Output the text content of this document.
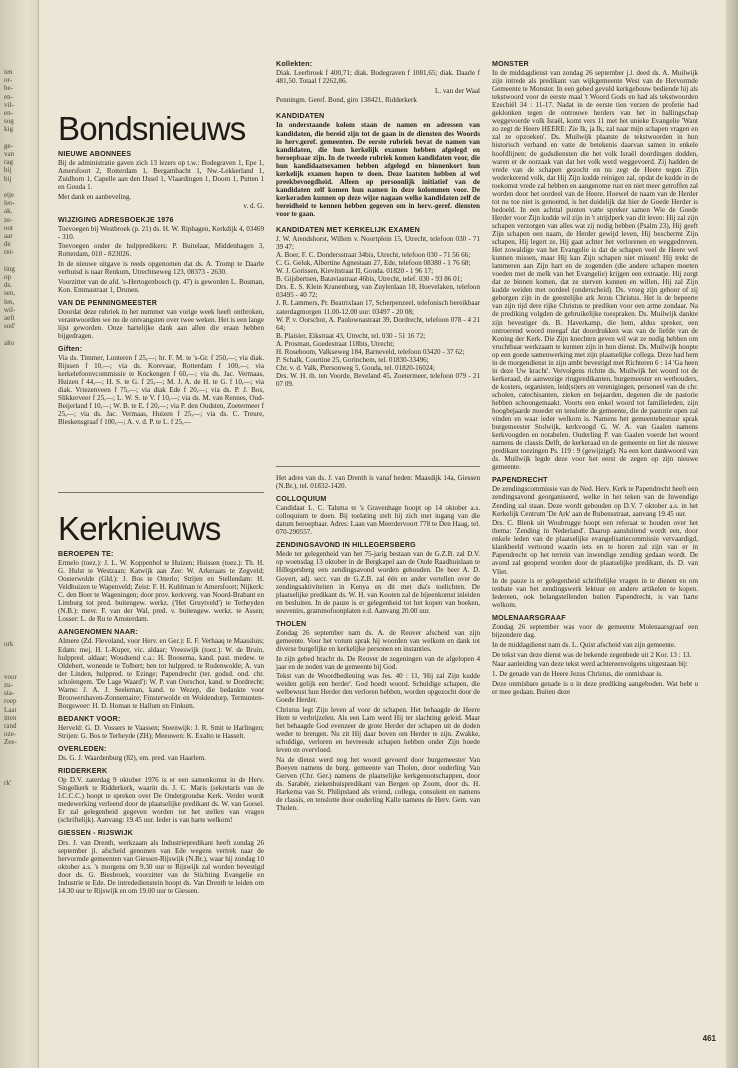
ien
or-
be-
en-
vil-
en-
sog
kig

ge-
van
rag
bij
bij

etje
leo-
ak.
ze-
oot
aar
de
rer-

ting
op
ds.
sen,
len,
wil-
aeft
sod'

alto
ork

voor
zu-
sta-
roep
Laat
itten
rand
oze-
Zee-

rk'
Bondsnieuws
NIEUWE ABONNEES

Bij de administratie gaven zich 13 lezers op t.w.: Bodegraven 1, Epe 1, Amersfoort 2, Rotterdam 1, Bergambacht 1, Nw.-Lekkerland 1, Zuidhorn 1, Capelle aan den IJssel 1, Vlaardingen 1, Doorn 1, Putten 1 en Gouda 1.

Met dank en aanbeveling.

v. d. G.

WIJZIGING ADRESBOEKJE 1976

Toevoegen bij Westbroek (p. 21) ds. H. W. Riphagen, Kerkdijk 4, 03469 - 310.

Toevoegen onder de hulppredikers: P. Buitelaar, Middenhagen 3, Rotterdam, 010 - 823026.

In de nieuwe uitgave is reeds opgenomen dat ds. A. Tromp te Daarle verhuisd is naar Renkum, Utrechtseweg 123, 08373 - 2630.

Voorzitter van de afd. 's-Hertogenbosch (p. 47) is geworden L. Bosman, Kon. Emmastraat 1, Drunen.

VAN DE PENNINGMEESTER

Doordat deze rubriek in het nummer van vorige week heeft ontbroken, verantwoorden we nu de ontvangsten over twee weken. Het is een lange lijst geworden. Onze hartelijke dank aan allen die eraan hebben bijgedragen.

Giften:

Via ds. Timmer, Lunteren f 25,—; hr. F. M. te 's-Gr. f 250,—; via diak. Rijssen f 10,—; via ds. Korevaar, Rotterdam f 100,—; via kerkelefoonvcommissie te Kockengen f 60,—; via ds. Jac. Vermaas, Huizen f 44,—; H. S. te G. f 25,—; M. J. A. de H. te G. f 10,—; via diak. Vriezenveen f 75,—; via diak Ede f 20,—; via ds. P. J. Bos, Slikkerveer f 25,—; L. W. S. te V. f 10,—; via ds. M. van Rennes, Oud-Beijerland f 10,—; W. B. te E. f 20,—; via P. den Oudsten, Zoetermeer f 25,—; via ds. Jac. Vermaas, Huizen f 25,—; via ds. C. Treure, Bleskensgraaf f 100,—; A. v. d. P. te L. f 25,—

Kollekten:

Diak. Leerbroek f 400,71; diak. Bodegraven f 1081,65; diak. Daarle f 481,50. Totaal f 2262,86.

L. van der Waal

Penningm. Geref. Bond, giro 138421, Ridderkerk

KANDIDATEN

In onderstaande kolom staan de namen en adressen van kandidaten, die bereid zijn tot de gaan in de diensten des Woords in herv.geref. gemeenten. De eerste rubriek bevat de namen van kandidaten, die hun kerkelijk examen hebben afgelegd en beroepbaar zijn. In de tweede rubriek komen kandidaten voor, die hun kandidaatsexamen hebben afgelegd en binnenkort hun kerkelijk examen hopen te doen. Deze laatsten hebben al wel preekbevoegdheid. Alleen op persoonlijk initiatief van de kandidaten zelf komen hun namen in deze kolommen voor. De kerkeraden kunnen op deze wijze nagaan welke kandidaten zelf de bereidheid te kennen hebben gegeven om in herv.-geref. diensten voor te gaan.

KANDIDATEN MET KERKELIJK EXAMEN

J. W. Arendshorst, Willem v. Noortplein 15, Utrecht, telefoon 030 - 71 39 47;

A. Boer, F. C. Dondersstraat 34bis, Utrecht, telefoon 030 - 71 56 66;

C. G. Geluk, Albertine Agnestaan 27, Ede, telefoon 08380 - 1 76 68;

W. J. Gorissen, Kievitstraat II, Gouda. 01820 - 1 96 17;

B. Gijsbertsen, Bataviastraat 46bis, Utrecht, telef. 030 - 93 86 01;

Drs. E. S. Klein Kranenburg, van Zuylenlaan 18, Hoevelaken, telefoon 03495 - 40 72;

J. R. Lammers, Pr. Beatrixlaan 17, Scherpenzeel, telefonisch bereikbaar zaterdagmorgen 11.00-12.00 uur: 03497 - 20 08;

W. P. v. Oorschot, A. Paulownastraat 39, Dordrecht, telefoon 078 - 4 21 64;

B. Plaisier, Eikstraat 43, Utrecht, tel. 030 - 51 16 72;

A. Prosman, Goedestraat 118bis, Utrecht;

H. Roseboom, Valkseweg 184, Barneveld, telefoon 03420 - 37 62;

P. Schalk, Courtine 25, Gorinchem, tel. 01830-33496;

Chr. v. d. Valk, Piersonweg 5, Gouda, tel. 01820-16024;

Drs. W. H. th. ten Voorde, Beveland 45, Zoetermeer, telefoon 079 - 21 07 09.

Kerknieuws
BEROEPEN TE:

Ermelo (toez.): J. L. W. Koppenhol te Huizen; Huissen (toez.): Th. H. G. Hulst te Westzaan; Katwijk aan Zee: W. Arkeraats te Zegveld; Oosterwolde (Gld.): J. Bos te Otterlo; Strijen en Stellendam: H. Veldhuizen te Wapenveld; Zeist: F. H. Kuhlman te Amersfoort; Nijkerk: C. den Boer te Wageningen; door prov. kerkverg. van Noord-Brabant en Limburg tot pred. buitengew. werkz. ('Het Gruytveld') te Terheyden (N.B.): mevr. F. van der Wal, pred. v. buitengew. werkz. te Assen; Losser: L. de Ru te Amsterdam.

AANGENOMEN NAAR:

Almere (Zd. Flevoland, voor Herv. en Ger.): E. F. Verhaaq te Maassluis; Edam: mej. H. I.-Kuper, vic. aldaar; Vreeswijk (toez.): W. de Bruin, hulppred. aldaar; Woudsend c.a.: H. Boosema, kand. past. medew. te Oldebert, wonende te Tolbert; ben tot hulppred. te Rodenwolde; A. van der Linden, hulppred. te Ezinge; Papendrecht (ter. godsd. ond. chr. scholengem. 'De Lage Waard'): W. P. van Oorschot, kand. te Dordrecht; Warns: J. A. J. Seeleman, kand. te Wezep, die bedankte voor Brouwershaven-Zonnemaire; Finsterwolde en Woldendorp, Termunten-Borgsweer: H. D. Homan te Hallum en Finkum.

BEDANKT VOOR:

Herveld: G. D. Vossers te Vaassen; Steenwijk: J. R. Smit te Harlingen; Strijen: G. Bos te Terheyde (ZH); Meeuwen: K. Exalto te Hasselt.

OVERLEDEN:

Ds. G. J. Waardenburg (82), em. pred. van Haarlem.

RIDDERKERK

Op D.V. zaterdag 9 oktober 1976 is er een samenkomst in de Herv. Singelkerk te Ridderkerk, waarin ds. J. C. Maris (sekretaris van de I.C.C.C.) hoopt te spreken over De Ondergrondse Kerk. Verder wordt medewerking verleend door de plaatselijke predikant ds. W. van Gorsel. Er zal gelegenheid gegeven worden tot het stellen van vragen (schriftelijk). Aanvang: 19.45 uur. Ieder is van harte welkom!

GIESSEN - RIJSWIJK

Drs. J. van Drenth, werkzaam als Industriepredikant heeft zondag 26 september jl. afscheid genomen van Ede wegens vertrek naar de hervormde gemeenten van Giessen-Rijswijk (N.Br.), waar hij zondag 10 oktober a.s. 's morgens om 9.30 uur te Rijswijk zal worden bevestigd door ds. G. Biesbroek, voorzitter van de Stichting Evangelie en Industrie te Ede. De intrededienstein hoopt ds. Van Drenth te leiden om 14.30 uur te Rijswijk en om 19.00 uur te Giessen.

Het adres van ds. J. van Drenth is vanaf heden: Maasdijk 14a, Giessen (N.Br.), tel. 01832-1420.

COLLOQUIUM

Candidaat L. C. Talsma te 's Gravenhage hoopt op 14 oktober a.s. colloquium te doen. Bij toelating stelt hij zich met ingang van die datum beroepbaar. Adres: Laan van Meerdervoort 778 te Den Haag, tel. 070-290557.

ZENDINGSAVOND IN HILLEGERSBERG

Mede ter gelegenheid van het 75-jarig bestaan van de G.Z.B. zal D.V. op woensdag 13 oktober in de Bergkapel aan de Oude Raadhuislaan te Hillegersberg een zendingsavond worden gehouden. De heer A. D. Goyert, adj. secr. van de G.Z.B. zal één en ander vertellen over de zendingsaktiviteiten in Kenya en dit met dia's toelichten. De plaatselijke predikant ds. W. H. van Kooten zal de bijeenkomst inleiden en besluiten. In de pauze is er gelegenheid tot het kopen van boeken, souvenirs, grammofoonplaten e.d. Aanvang 20.00 uur.

THOLEN

Zondag 26 september nam ds. A. de Reuver afscheid van zijn gemeente. Voor het votum sprak hij woorden van welkom en dank tot diverse burgelijke en kerkelijke personen en instanties.

In zijn gebed bracht ds. De Reuver de zegeningen van de afgelopen 4 jaar en de noden van de gemeente bij God.

Tekst van de Woordbediening was Jes. 40 : 11, 'Hij zal Zijn kudde weiden gelijk een herder'. God hoedt woord. Schuldige schapen, die welbewust hun Herder den verloren hebben, worden opgezocht door de Goede Herder.

Christus legt Zijn leven af voor de schapen. Het behaagde de Heere Hem te verbrijzelen. Als een Lam werd Hij ter slachting geleid. Maar het behaagde God evenzeer de grote Herder der schapen uit de doden weder te brengen. Nu zit Hij daar boven om Herder te zijn. Zwakke, schuldige, verloren en bevreesde schapen hebben onder Zijn hoede leven en overvloed.

Na de dienst werd nog het woord gevoerd door burgemeester Van Boeyen namens de burg. gemeente van Tholen, door ouderling Van Gerven (Chr. Ger.) namens de plaatselijke kerkgenootschappen, door ds. Sarabèr, ziekenhuispredikant van Bergen op Zoom, door ds. H. Harkema van St. Philipsland als vriend, collega, consulent en namens de classis, en tenslotte door ouderling Kalle namens de Herv. Gem. van Tholen.

MONSTER

In de middagdienst van zondag 26 september j.l. deed ds. A. Muilwijk zijn intrede als predikant van wijkgemeente West van de Hervormde Gemeente te Monster. In een gebed gevuld kerkgebouw bediende hij als tekstwoord voor de eerste maal 't Woord Gods en had als tekstwoorden Ezechiël 34 : 11-17. Nadat in de eerste tien verzen de profetie had geklonken tegen de ontrouwe herders van het in ballingschap weggevoerde volk Israël, komt vers 11 met het unieke Evangelie 'Want zo zegt de Heere HEERE: Zie Ik, ja Ik, zal naar mijn schapen vragen en zal ze opzoeken'. Ds. Muilwijk plaatste de tekstwoorden in hun historisch verband en vatte de betekenis daarvan samen in enkele hoofdlijnen: de godsdiensten die het volk Israël doordingen dodden, waren er de oorzaak van dat het volk werd weggevoerd. Zij hadden de vrede van de schapen gezocht en nu zegt de Heere tegen Zijn wederkerend volk, dat Hij Zijn kudde reinigen zal, opdat de kudde in de toekomst vrede zal hebben en aangenome rust en niet meer getroffen zal worden door het oordeel van de Heere. Hoewel de naam van de Herder tot nu toe niet is genoemd, is het duidelijk dat hier de Goede Herder is bedoeld. In een achttal punten vatte spreker samen Wie de Goede Herder voor Zijn kudde wil zijn in 't strijdperk van dit leven: Hij zal zijn schapen verzorgen van alles wat zij nodig hebben (Psalm 23), Hij geeft Zijn schapen een naam, de Herder gewijd leven, Hij beschermt Zijn schapen, Hij legert ze, Hij gaat achter het verlorenen en weggedreven. Het zowaldige van het Evangelie is dat de schapen veel de Heere wel kunnen missen, maar Hij kan Zijn schapen niet missen! Hij trekt de lammeren aan Zijn hart en de zogenden (die andere schapen moeten voeden met de melk van het Evangelie) krijgen een extraatje. Hij zorgt dat ze binnen komen, dat ze sterven kunnen en willen, Hij zal Zijn kudde weiden met oordeel (onderscheid). Ds. vroeg zijn gehoor of zij geborgen zijn in de geestelijke ark Jezus Christus. Het is de bepeerte van zijn tijd dere rijke Christus te prediken voor een arme zondaar. Na de prediking volgden de gebruikelijke toespraken. Ds. Muilwijk dankte zijn bevestiger ds. B. Haverkamp, die hem, aldus spreker, een ontroerend woord meegaf dat doordrukken was van de liefde van de Koning der Kerk. Die Zijn knechten geven wil wat ze nodig hebben om vruchtbaar werkzaam te kunnen zijn in hun dienst. Ds. Muilwijk hoopte op een goede samenwerking met zijn plaatselijke collega. Deze had hem in de morgendienst in zijn ambt bevestigd met Richteren 6 : 14 'Ga heen in deze Uw kracht'. Vervolgens richtte ds. Muilwijk het woord tot de kerkeraad, de aanwezige ringpredikanten, burgemeester en wethouders, de kosters, organisten, leid(st)ers en verenigingen, personeel van de chr. scholen, catechisanten, zieken en bejaarden, degenen die de pastorie hebben schoongemaakt. Voorts een enkel woord tot familieleden, zijn hoogbejaarde moeder en tenslotte de gemeente, die de pastorie open zal vinden en waar ieder welkom is. Namens het gemeentebestuur sprak burgemeester Stolwijk, kerkvoogd G. W. A. van Gaalen namens kerkvoogden en notabelen. Ouderling P. van Gaalen voerde het woord namens de classis Delft, de kerkeraad en de gemeente en liet de nieuwe predikant toezingen Ps. 119 : 9 (gewijzigd). Na een kort dankwoord van ds. Muilwijk legde deze voor het eerst de zegen op zijn nieuwe gemeente.

PAPENDRECHT

De zendingscommissie van de Ned. Herv. Kerk te Papendrecht heeft een zendingsavond georganiseerd, welke in het teken van de Inwendige Zending zal staan. Deze wordt gehouden op D.V. 7 oktober a.s. in het Kerkelijk Centrum 'De Ark' aan de Rubensstraat, aanvang 19.45 uur.

Drs. C. Blenk uit Woubrugge hoopt een referaat te houden over het thema: 'Zending in Nederland'. Daarop aansluitend wordt een, door enkele leden van de plaatselijke evangelisatiecommissie vervaardigd, klankbeeld vertoond waarin iets en te horen zal zijn van er in Papendrecht op het terrein van inwendige zending gedaan wordt. De avond zal geopend worden door de plaatselijke predikant, ds. D. van Vliet.

In de pauze is er gelegenheid schriftelijke vragen in te dienen en om tenbate van het zendingswerk lektuur en andere artikelen te kopen. Iedereen, ook belangstellenden buiten Papendrecht, is van harte welkom.

MOLENAARSGRAAF

Zondag 26 september was voor de gemeente Molenaarsgraaf een bijzondere dag.

In de middagdienst nam ds. L. Quist afscheid van zijn gemeente.

De tekst van deze dienst was de bekende zegenbede uit 2 Kor. 13 : 13.

Naar aanleiding van deze tekst werd achtereenvolgens uitgestaan bij:

1. De genade van de Heere Jezus Christus, die onmisbaar is.

Deze onmisbare genade is u in deze prediking aangeboden. Wat hebt u er mee gedaan. Buiten deze

461
